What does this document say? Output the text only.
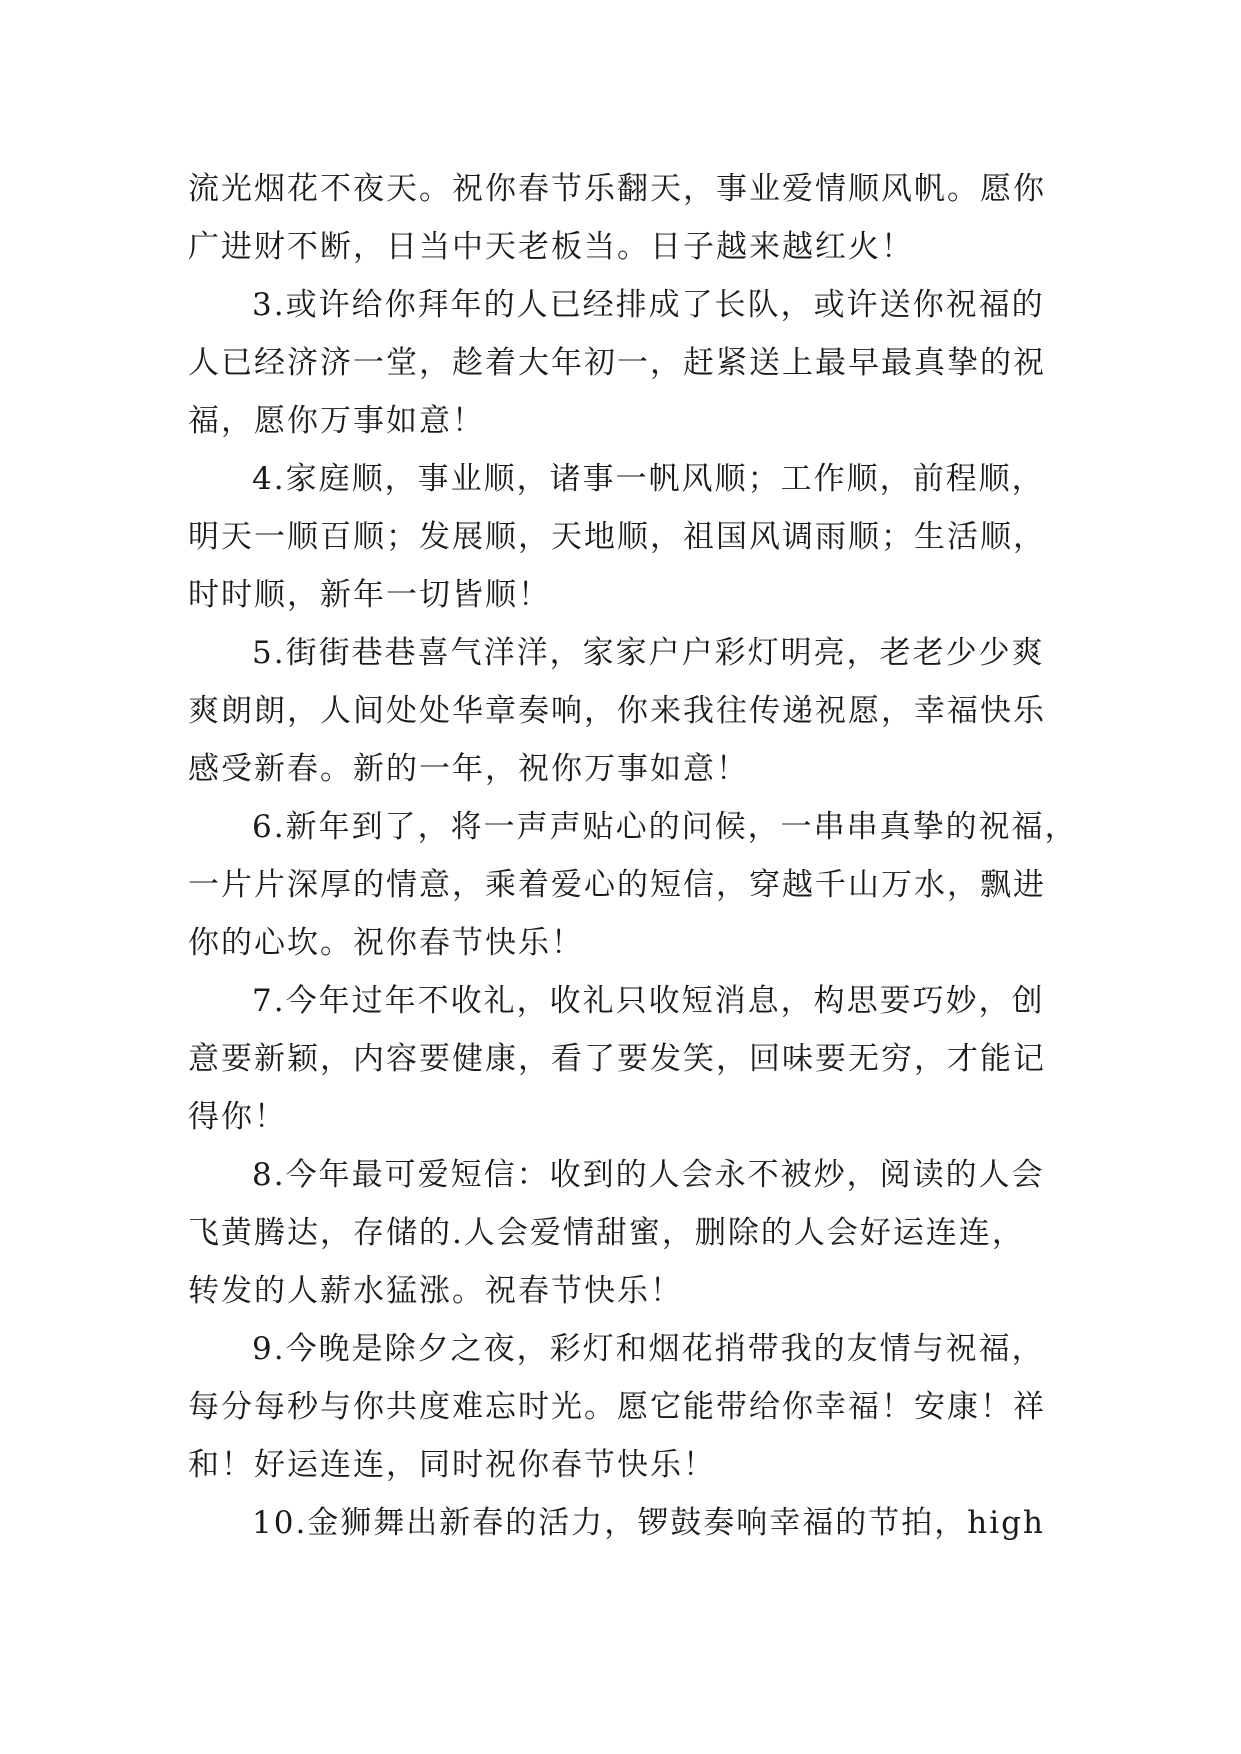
流光烟花不夜天。祝你春节乐翻天，事业爱情顺风帆。愿你
广进财不断，日当中天老板当。日子越来越红火！
3.或许给你拜年的人已经排成了长队，或许送你祝福的
人已经济济一堂，趁着大年初一，赶紧送上最早最真挚的祝
福，愿你万事如意！
4.家庭顺，事业顺，诸事一帆风顺；工作顺，前程顺，
明天一顺百顺；发展顺，天地顺，祖国风调雨顺；生活顺，
时时顺，新年一切皆顺！
5.街街巷巷喜气洋洋，家家户户彩灯明亮，老老少少爽
爽朗朗，人间处处华章奏响，你来我往传递祝愿，幸福快乐
感受新春。新的一年，祝你万事如意！
6.新年到了，将一声声贴心的问候，一串串真挚的祝福，
一片片深厚的情意，乘着爱心的短信，穿越千山万水，飘进
你的心坎。祝你春节快乐！
7.今年过年不收礼，收礼只收短消息，构思要巧妙，创
意要新颖，内容要健康，看了要发笑，回味要无穷，才能记
得你！
8.今年最可爱短信：收到的人会永不被炒，阅读的人会
飞黄腾达，存储的.人会爱情甜蜜，删除的人会好运连连，
转发的人薪水猛涨。祝春节快乐！
9.今晚是除夕之夜，彩灯和烟花捎带我的友情与祝福，
每分每秒与你共度难忘时光。愿它能带给你幸福！安康！祥
和！好运连连，同时祝你春节快乐！
10.金狮舞出新春的活力，锣鼓奏响幸福的节拍，high
